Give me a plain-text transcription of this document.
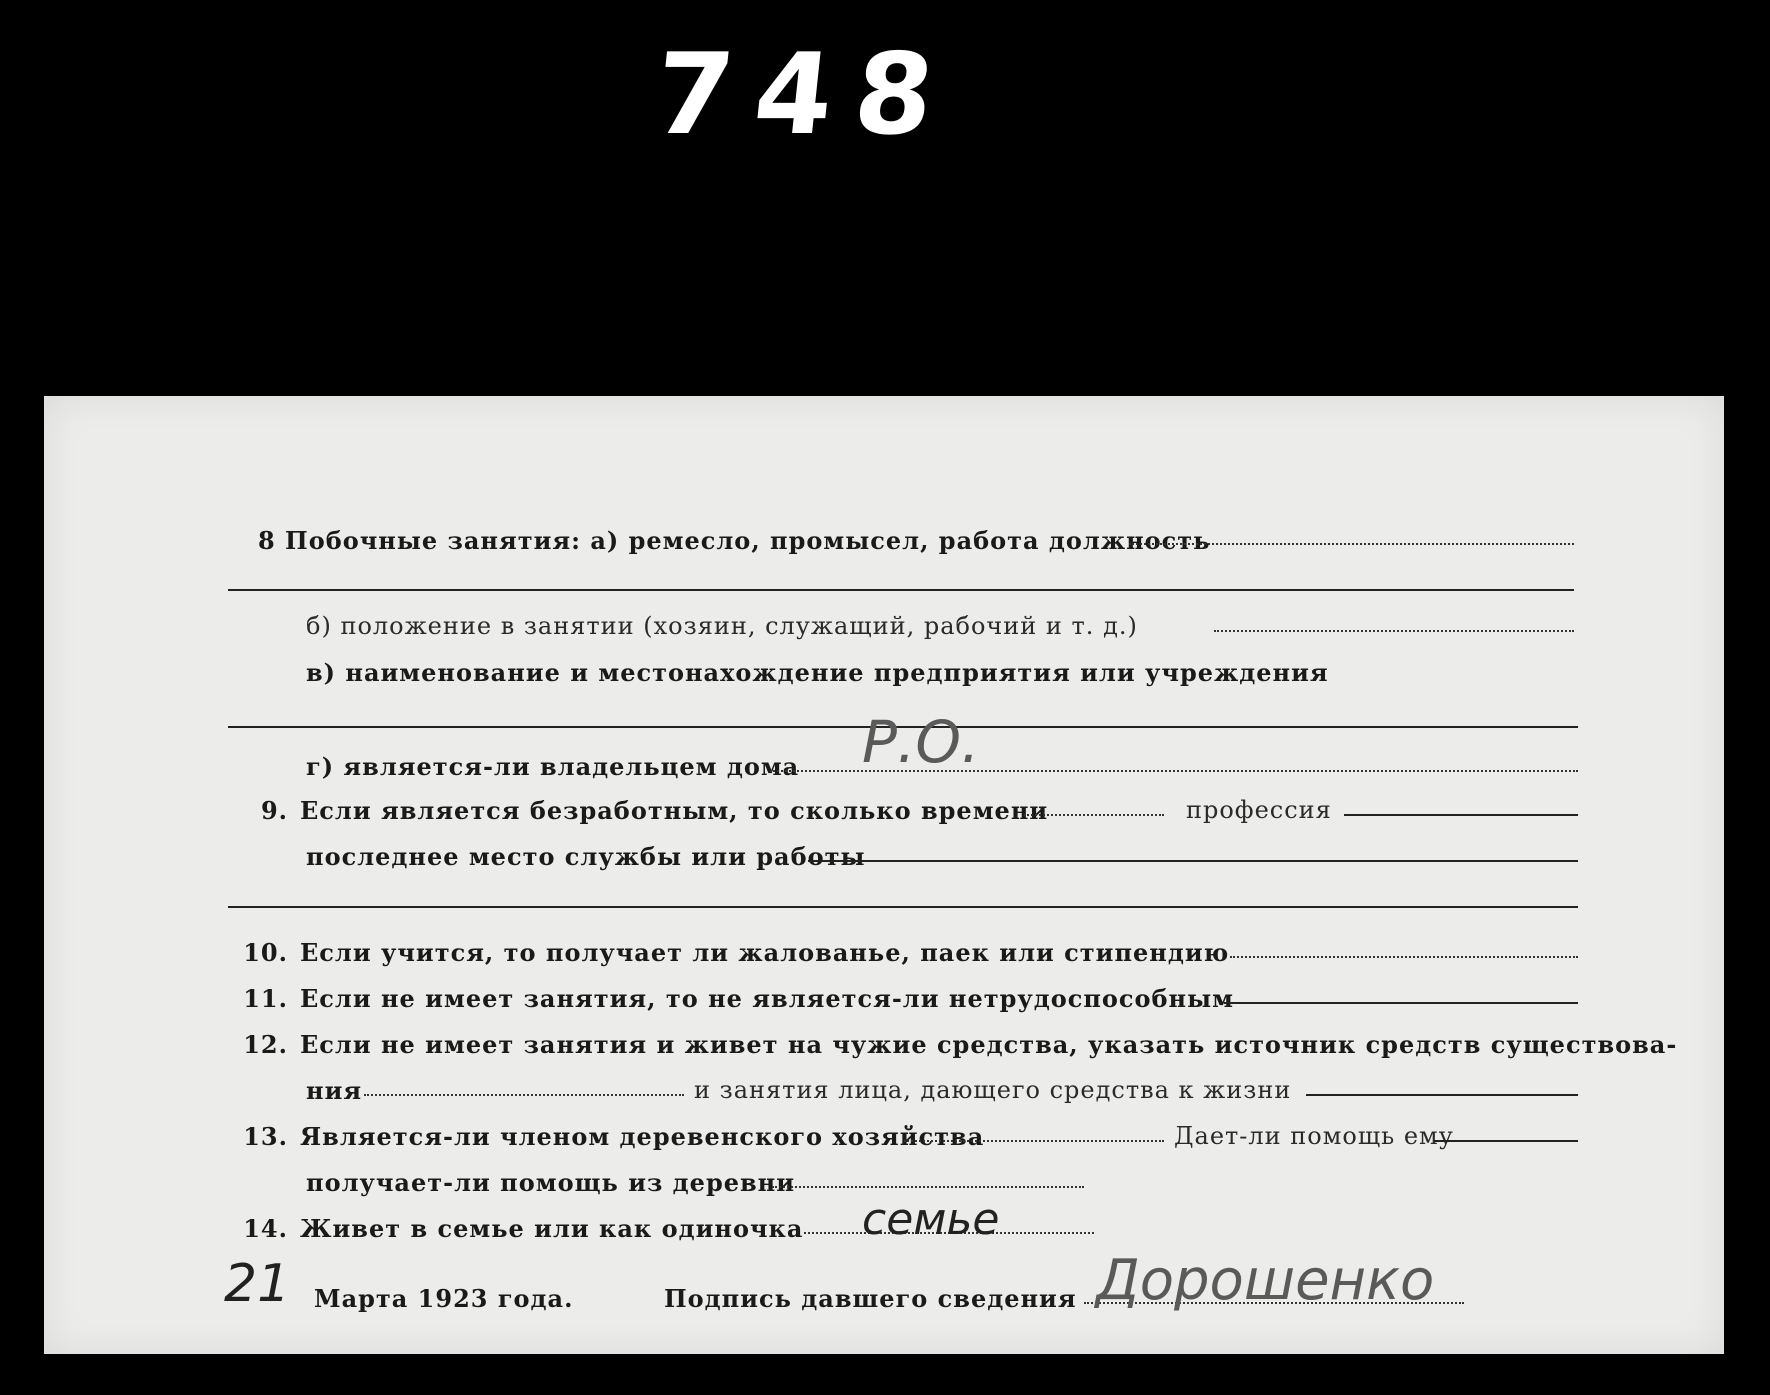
748
8 Побочные занятия: а) ремесло, промысел, работа должность
б) положение в занятии (хозяин, служащий, рабочий и т. д.)
в) наименование и местонахождение предприятия или учреждения
г) является-ли владельцем дома Р.О.
9. Если является безработным, то сколько времени	профессия
последнее место службы или работы
10. Если учится, то получает ли жалованье, паек или стипендию
11. Если не имеет занятия, то не является-ли нетрудоспособным
12. Если не имеет занятия и живет на чужие средства, указать источник средств существова-
ния	и занятия лица, дающего средства к жизни
13. Является-ли членом деревенского хозяйства	Дает-ли помощь ему
получает-ли помощь из деревни
14. Живет в семье или как одиночка семье
21 Марта 1923 года.	Подпись давшего сведения Дорошенко
